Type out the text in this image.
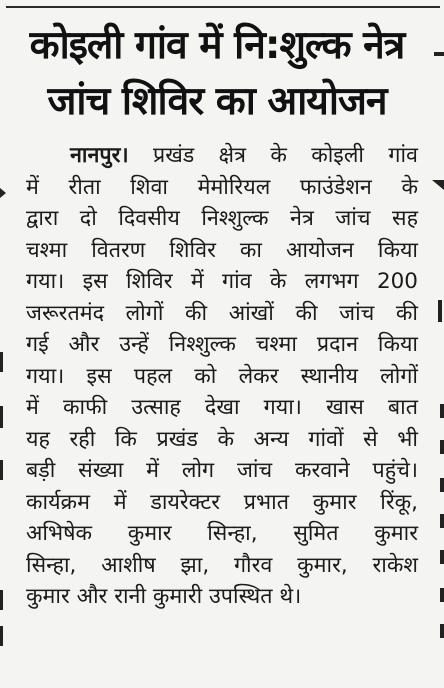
कोइली गांव में नि:शुल्क नेत्र
जांच शिविर का आयोजन
नानपुर। प्रखंड क्षेत्र के कोइली गांव
में रीता शिवा मेमोरियल फाउंडेशन के
द्वारा दो दिवसीय निश्शुल्क नेत्र जांच सह
चश्मा वितरण शिविर का आयोजन किया
गया। इस शिविर में गांव के लगभग 200
जरूरतमंद लोगों की आंखों की जांच की
गई और उन्हें निश्शुल्क चश्मा प्रदान किया
गया। इस पहल को लेकर स्थानीय लोगों
में काफी उत्साह देखा गया। खास बात
यह रही कि प्रखंड के अन्य गांवों से भी
बड़ी संख्या में लोग जांच करवाने पहुंचे।
कार्यक्रम में डायरेक्टर प्रभात कुमार रिंकू,
अभिषेक कुमार सिन्हा, सुमित कुमार
सिन्हा, आशीष झा, गौरव कुमार, राकेश
कुमार और रानी कुमारी उपस्थित थे।
